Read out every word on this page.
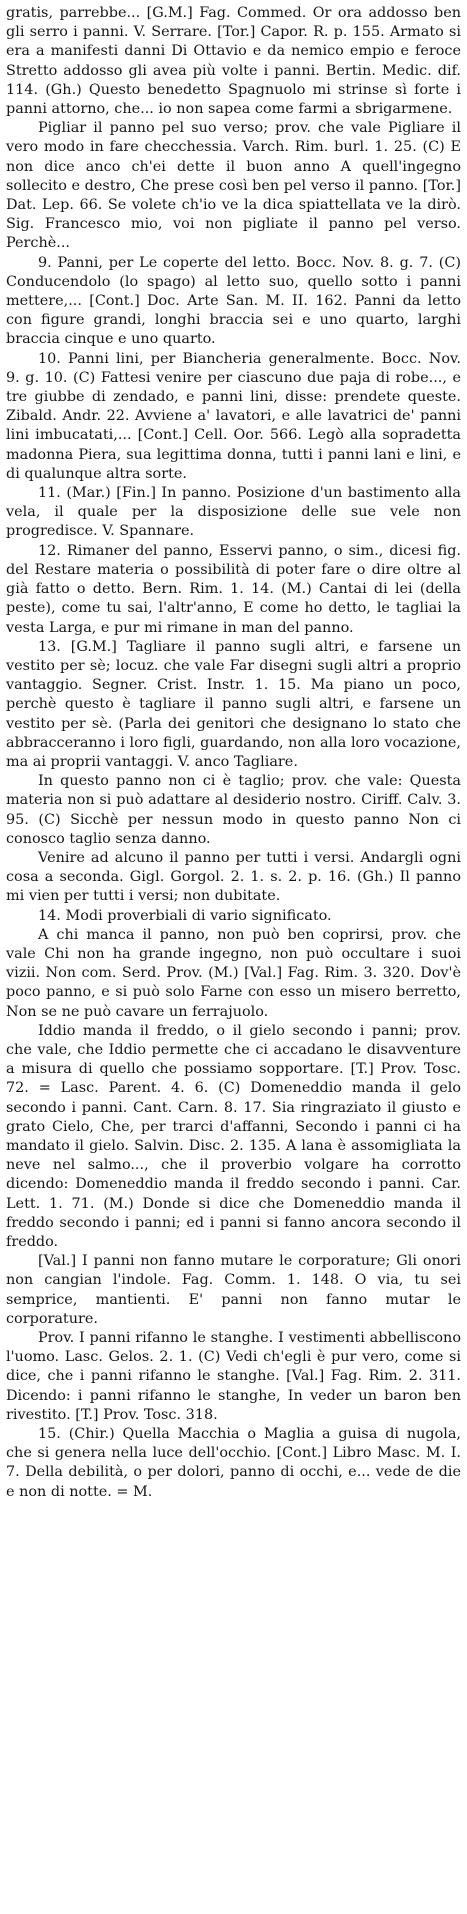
gratis, parrebbe... [G.M.] Fag. Commed. Or ora addosso ben gli serro i panni. V. Serrare. [Tor.] Capor. R. p. 155. Armato si era a manifesti danni Di Ottavio e da nemico empio e feroce Stretto addosso gli avea più volte i panni. Bertin. Medic. dif. 114. (Gh.) Questo benedetto Spagnuolo mi strinse sì forte i panni attorno, che... io non sapea come farmi a sbrigarmene.

Pigliar il panno pel suo verso; prov. che vale Pigliare il vero modo in fare checchessia. Varch. Rim. burl. 1. 25. (C) E non dice anco ch'ei dette il buon anno A quell'ingegno sollecito e destro, Che prese così ben pel verso il panno. [Tor.] Dat. Lep. 66. Se volete ch'io ve la dica spiattellata ve la dirò. Sig. Francesco mio, voi non pigliate il panno pel verso. Perchè...

9. Panni, per Le coperte del letto. Bocc. Nov. 8. g. 7. (C) Conducendolo (lo spago) al letto suo, quello sotto i panni mettere,... [Cont.] Doc. Arte San. M. II. 162. Panni da letto con figure grandi, longhi braccia sei e uno quarto, larghi braccia cinque e uno quarto.

10. Panni lini, per Biancheria generalmente. Bocc. Nov. 9. g. 10. (C) Fattesi venire per ciascuno due paja di robe..., e tre giubbe di zendado, e panni lini, disse: prendete queste. Zibald. Andr. 22. Avviene a' lavatori, e alle lavatrici de' panni lini imbucatati,... [Cont.] Cell. Oor. 566. Legò alla sopradetta madonna Piera, sua legittima donna, tutti i panni lani e lini, e di qualunque altra sorte.

11. (Mar.) [Fin.] In panno. Posizione d'un bastimento alla vela, il quale per la disposizione delle sue vele non progredisce. V. Spannare.

12. Rimaner del panno, Esservi panno, o sim., dicesi fig. del Restare materia o possibilità di poter fare o dire oltre al già fatto o detto. Bern. Rim. 1. 14. (M.) Cantai di lei (della peste), come tu sai, l'altr'anno, E come ho detto, le tagliai la vesta Larga, e pur mi rimane in man del panno.

13. [G.M.] Tagliare il panno sugli altri, e farsene un vestito per sè; locuz. che vale Far disegni sugli altri a proprio vantaggio. Segner. Crist. Instr. 1. 15. Ma piano un poco, perchè questo è tagliare il panno sugli altri, e farsene un vestito per sè. (Parla dei genitori che designano lo stato che abbracceranno i loro figli, guardando, non alla loro vocazione, ma ai proprii vantaggi. V. anco Tagliare.

In questo panno non ci è taglio; prov. che vale: Questa materia non si può adattare al desiderio nostro. Ciriff. Calv. 3. 95. (C) Sicchè per nessun modo in questo panno Non ci conosco taglio senza danno.

Venire ad alcuno il panno per tutti i versi. Andargli ogni cosa a seconda. Gigl. Gorgol. 2. 1. s. 2. p. 16. (Gh.) Il panno mi vien per tutti i versi; non dubitate.

14. Modi proverbiali di vario significato.

A chi manca il panno, non può ben coprirsi, prov. che vale Chi non ha grande ingegno, non può occultare i suoi vizii. Non com. Serd. Prov. (M.) [Val.] Fag. Rim. 3. 320. Dov'è poco panno, e si può solo Farne con esso un misero berretto, Non se ne può cavare un ferrajuolo.

Iddio manda il freddo, o il gielo secondo i panni; prov. che vale, che Iddio permette che ci accadano le disavventure a misura di quello che possiamo sopportare. [T.] Prov. Tosc. 72. = Lasc. Parent. 4. 6. (C) Domeneddio manda il gelo secondo i panni. Cant. Carn. 8. 17. Sia ringraziato il giusto e grato Cielo, Che, per trarci d'affanni, Secondo i panni ci ha mandato il gielo. Salvin. Disc. 2. 135. A lana è assomigliata la neve nel salmo..., che il proverbio volgare ha corrotto dicendo: Domeneddio manda il freddo secondo i panni. Car. Lett. 1. 71. (M.) Donde si dice che Domeneddio manda il freddo secondo i panni; ed i panni si fanno ancora secondo il freddo.

[Val.] I panni non fanno mutare le corporature; Gli onori non cangian l'indole. Fag. Comm. 1. 148. O via, tu sei semprice, mantienti. E' panni non fanno mutar le corporature.

Prov. I panni rifanno le stanghe. I vestimenti abbelliscono l'uomo. Lasc. Gelos. 2. 1. (C) Vedi ch'egli è pur vero, come si dice, che i panni rifanno le stanghe. [Val.] Fag. Rim. 2. 311. Dicendo: i panni rifanno le stanghe, In veder un baron ben rivestito. [T.] Prov. Tosc. 318.

15. (Chir.) Quella Macchia o Maglia a guisa di nugola, che si genera nella luce dell'occhio. [Cont.] Libro Masc. M. I. 7. Della debilità, o per dolori, panno di occhi, e... vede de die e non di notte. = M.
